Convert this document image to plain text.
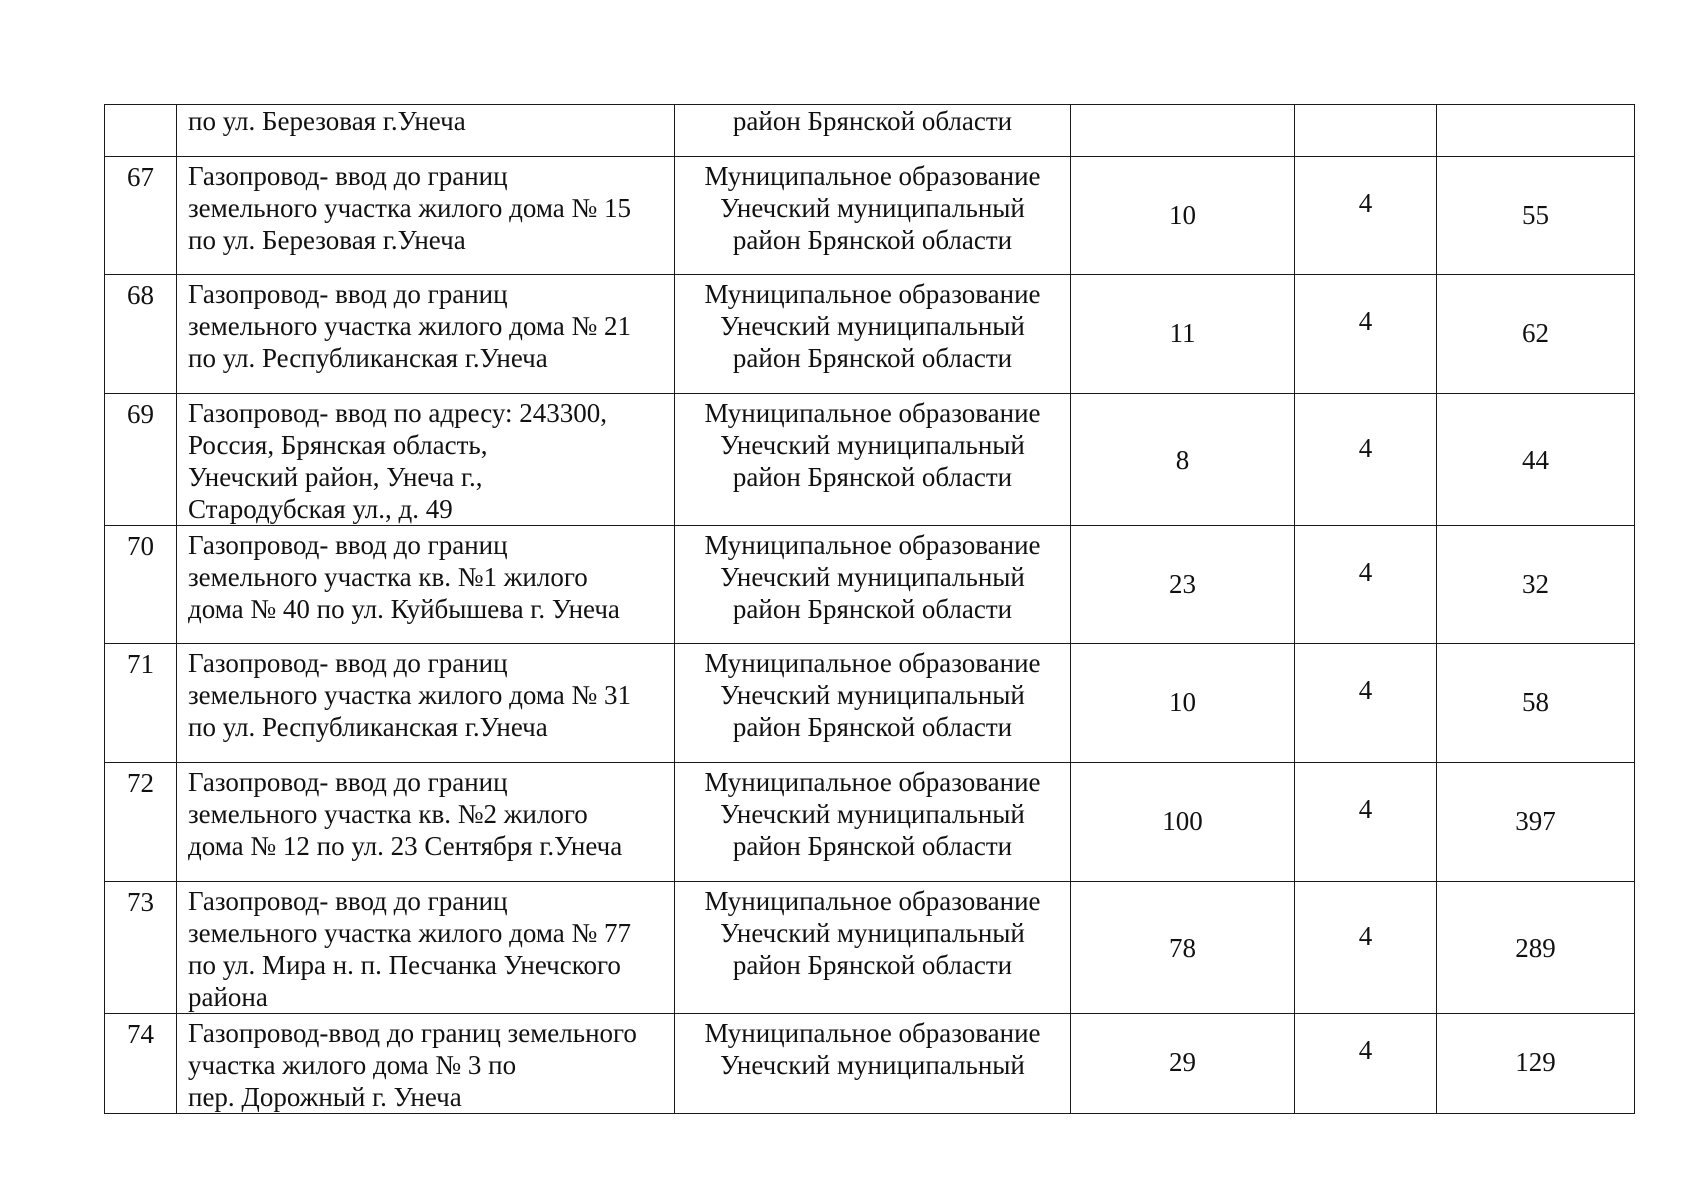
	по ул. Березовая г.Унеча	район Брянской области			

67	Газопровод- ввод до границ
земельного участка жилого дома № 15
по ул. Березовая г.Унеча	Муниципальное образование
Унечский муниципальный
район Брянской области	10	4	55

68	Газопровод- ввод до границ
земельного участка жилого дома № 21
по ул. Республиканская г.Унеча	Муниципальное образование
Унечский муниципальный
район Брянской области	11	4	62

69	Газопровод- ввод по адресу: 243300,
Россия, Брянская область,
Унечский район, Унеча г.,
Стародубская ул., д. 49	Муниципальное образование
Унечский муниципальный
район Брянской области	8	4	44

70	Газопровод- ввод до границ
земельного участка кв. №1 жилого
дома № 40 по ул. Куйбышева г. Унеча	Муниципальное образование
Унечский муниципальный
район Брянской области	23	4	32

71	Газопровод- ввод до границ
земельного участка жилого дома № 31
по ул. Республиканская г.Унеча	Муниципальное образование
Унечский муниципальный
район Брянской области	10	4	58

72	Газопровод- ввод до границ
земельного участка кв. №2 жилого
дома № 12 по ул. 23 Сентября г.Унеча	Муниципальное образование
Унечский муниципальный
район Брянской области	100	4	397

73	Газопровод- ввод до границ
земельного участка жилого дома № 77
по ул. Мира н. п. Песчанка Унечского
района	Муниципальное образование
Унечский муниципальный
район Брянской области	78	4	289

74	Газопровод-ввод до границ земельного
участка жилого дома № 3 по
пер. Дорожный г. Унеча	Муниципальное образование
Унечский муниципальный	29	4	129
